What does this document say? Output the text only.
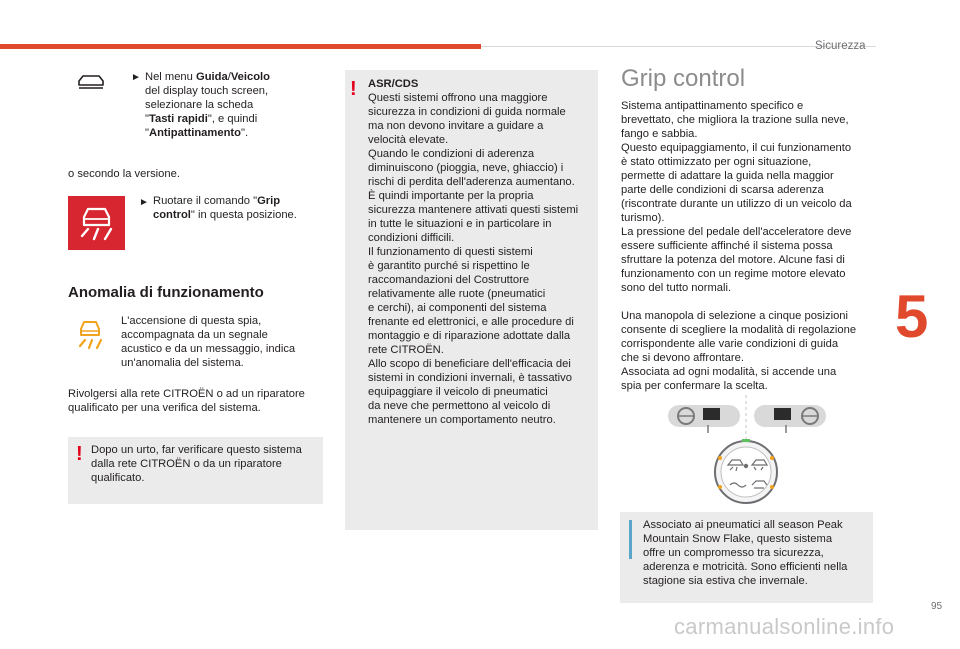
Sicurezza
5
► Nel menu Guida/Veicolo

del display touch screen,

selezionare la scheda

"Tasti rapidi", e quindi

"Antipattinamento".

o secondo la versione.
► Ruotare il comando "Grip

control" in questa posizione.

Anomalia di funzionamento

L'accensione di questa spia,

accompagnata da un segnale

acustico e da un messaggio, indica

un'anomalia del sistema.

Rivolgersi alla rete CITROËN o ad un riparatore

qualificato per una verifica del sistema.

! Dopo un urto, far verificare questo sistema

dalla rete CITROËN o da un riparatore

qualificato.

! ASR/CDS

Questi sistemi offrono una maggiore

sicurezza in condizioni di guida normale

ma non devono invitare a guidare a

velocità elevate.

Quando le condizioni di aderenza

diminuiscono (pioggia, neve, ghiaccio) i

rischi di perdita dell'aderenza aumentano.

È quindi importante per la propria

sicurezza mantenere attivati questi sistemi

in tutte le situazioni e in particolare in

condizioni difficili.

Il funzionamento di questi sistemi

è garantito purché si rispettino le

raccomandazioni del Costruttore

relativamente alle ruote (pneumatici

e cerchi), ai componenti del sistema

frenante ed elettronici, e alle procedure di

montaggio e di riparazione adottate dalla

rete CITROËN.

Allo scopo di beneficiare dell'efficacia dei

sistemi in condizioni invernali, è tassativo

equipaggiare il veicolo di pneumatici

da neve che permettono al veicolo di

mantenere un comportamento neutro.

Grip control

Sistema antipattinamento specifico e

brevettato, che migliora la trazione sulla neve,

fango e sabbia.

Questo equipaggiamento, il cui funzionamento

è stato ottimizzato per ogni situazione,

permette di adattare la guida nella maggior

parte delle condizioni di scarsa aderenza

(riscontrate durante un utilizzo di un veicolo da

turismo).

La pressione del pedale dell'acceleratore deve

essere sufficiente affinché il sistema possa

sfruttare la potenza del motore. Alcune fasi di

funzionamento con un regime motore elevato

sono del tutto normali.

Una manopola di selezione a cinque posizioni

consente di scegliere la modalità di regolazione

corrispondente alle varie condizioni di guida

che si devono affrontare.

Associata ad ogni modalità, si accende una

spia per confermare la scelta.

Associato ai pneumatici all season Peak

Mountain Snow Flake, questo sistema

offre un compromesso tra sicurezza,

aderenza e motricità. Sono efficienti nella

stagione sia estiva che invernale.

95
carmanualsonline.info
